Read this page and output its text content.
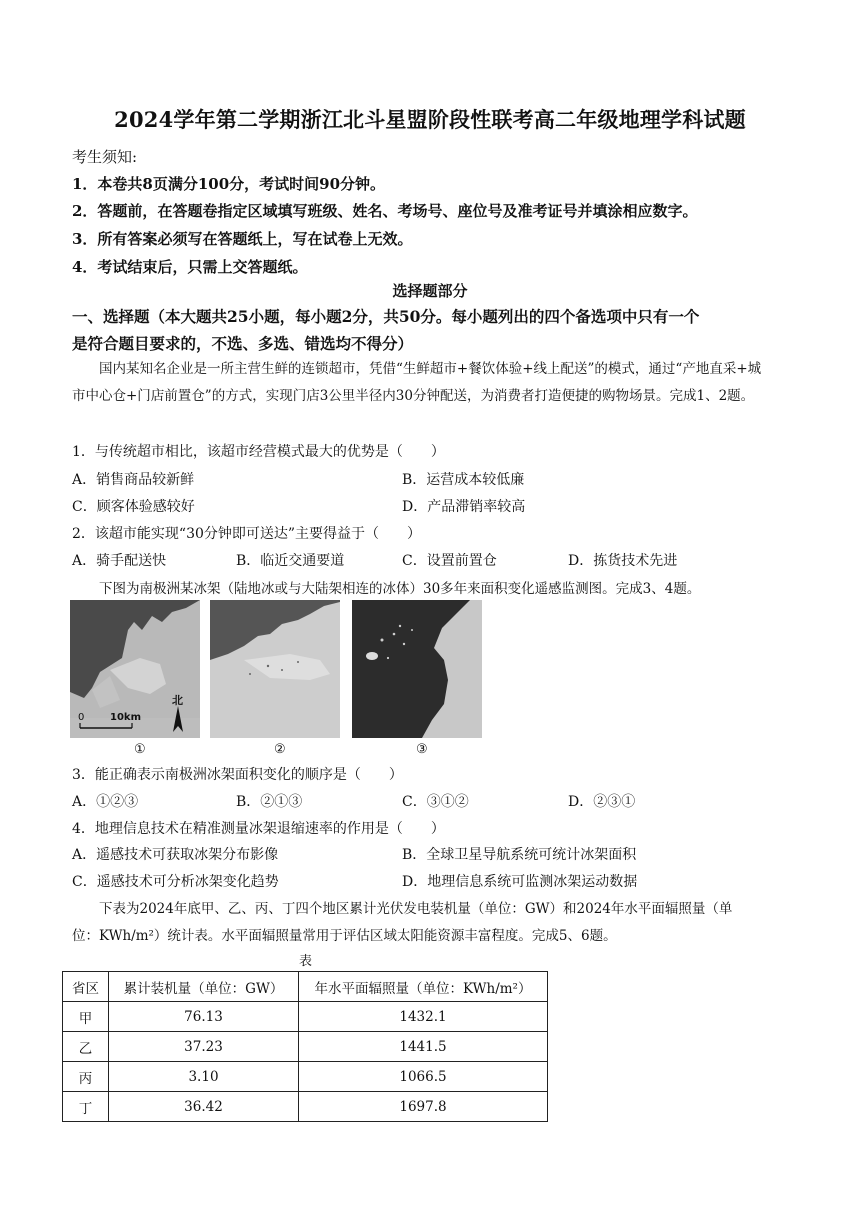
2024学年第二学期浙江北斗星盟阶段性联考高二年级地理学科试题
考生须知:
1．本卷共8页满分100分，考试时间90分钟。
2．答题前，在答题卷指定区域填写班级、姓名、考场号、座位号及准考证号并填涂相应数字。
3．所有答案必须写在答题纸上，写在试卷上无效。
4．考试结束后，只需上交答题纸。
选择题部分
一、选择题（本大题共25小题，每小题2分，共50分。每小题列出的四个备选项中只有一个
是符合题目要求的，不选、多选、错选均不得分）
国内某知名企业是一所主营生鲜的连锁超市，凭借“生鲜超市+餐饮体验+线上配送”的模式，通过“产地直采+城市中心仓+门店前置仓”的方式，实现门店3公里半径内30分钟配送，为消费者打造便捷的购物场景。完成1、2题。
1．与传统超市相比，该超市经营模式最大的优势是（　　）
A．销售商品较新鲜	B．运营成本较低廉
C．顾客体验感较好	D．产品滞销率较高
2．该超市能实现“30分钟即可送达”主要得益于（　　）
A．骑手配送快	B．临近交通要道	C．设置前置仓	D．拣货技术先进
下图为南极洲某冰架（陆地冰或与大陆架相连的冰体）30多年来面积变化遥感监测图。完成3、4题。
0	10km
北
①	②	③
3．能正确表示南极洲冰架面积变化的顺序是（　　）
A．①②③	B．②①③	C．③①②	D．②③①
4．地理信息技术在精准测量冰架退缩速率的作用是（　　）
A．遥感技术可获取冰架分布影像	B．全球卫星导航系统可统计冰架面积
C．遥感技术可分析冰架变化趋势	D．地理信息系统可监测冰架运动数据
下表为2024年底甲、乙、丙、丁四个地区累计光伏发电装机量（单位：GW）和2024年水平面辐照量（单
位：KWh/m²）统计表。水平面辐照量常用于评估区域太阳能资源丰富程度。完成5、6题。
表
省区	累计装机量（单位：GW）	年水平面辐照量（单位：KWh/m²）
甲	76.13	1432.1
乙	37.23	1441.5
丙	3.10	1066.5
丁	36.42	1697.8
